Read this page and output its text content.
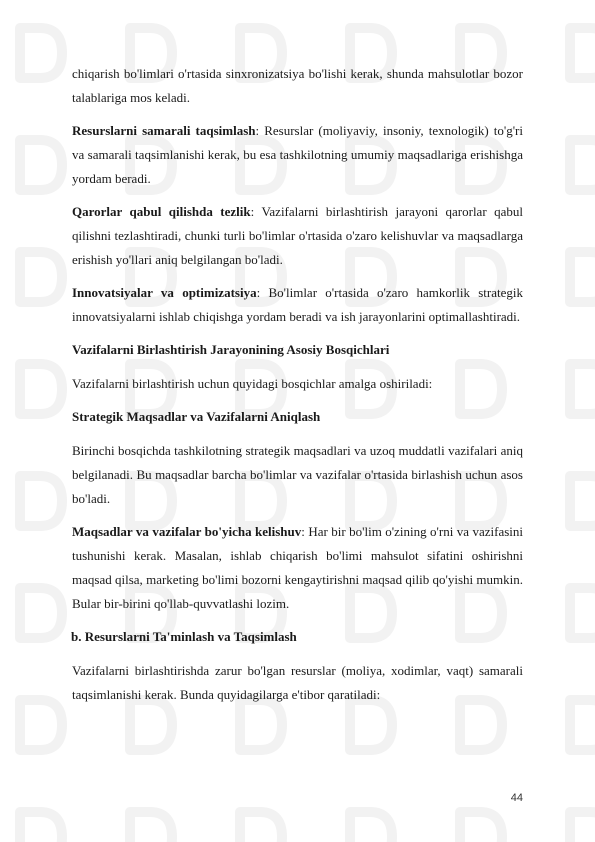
chiqarish bo'limlari o'rtasida sinxronizatsiya bo'lishi kerak, shunda mahsulotlar bozor talablariga mos keladi.

Resurslarni samarali taqsimlash: Resurslar (moliyaviy, insoniy, texnologik) to'g'ri va samarali taqsimlanishi kerak, bu esa tashkilotning umumiy maqsadlariga erishishga yordam beradi.

Qarorlar qabul qilishda tezlik: Vazifalarni birlashtirish jarayoni qarorlar qabul qilishni tezlashtiradi, chunki turli bo'limlar o'rtasida o'zaro kelishuvlar va maqsadlarga erishish yo'llari aniq belgilangan bo'ladi.

Innovatsiyalar va optimizatsiya: Bo'limlar o'rtasida o'zaro hamkorlik strategik innovatsiyalarni ishlab chiqishga yordam beradi va ish jarayonlarini optimallashtiradi.

Vazifalarni Birlashtirish Jarayonining Asosiy Bosqichlari

Vazifalarni birlashtirish uchun quyidagi bosqichlar amalga oshiriladi:

Strategik Maqsadlar va Vazifalarni Aniqlash

Birinchi bosqichda tashkilotning strategik maqsadlari va uzoq muddatli vazifalari aniq belgilanadi. Bu maqsadlar barcha bo'limlar va vazifalar o'rtasida birlashish uchun asos bo'ladi.

Maqsadlar va vazifalar bo'yicha kelishuv: Har bir bo'lim o'zining o'rni va vazifasini tushunishi kerak. Masalan, ishlab chiqarish bo'limi mahsulot sifatini oshirishni maqsad qilsa, marketing bo'limi bozorni kengaytirishni maqsad qilib qo'yishi mumkin. Bular bir-birini qo'llab-quvvatlashi lozim.

b. Resurslarni Ta'minlash va Taqsimlash

Vazifalarni birlashtirishda zarur bo'lgan resurslar (moliya, xodimlar, vaqt) samarali taqsimlanishi kerak. Bunda quyidagilarga e'tibor qaratiladi:

44
